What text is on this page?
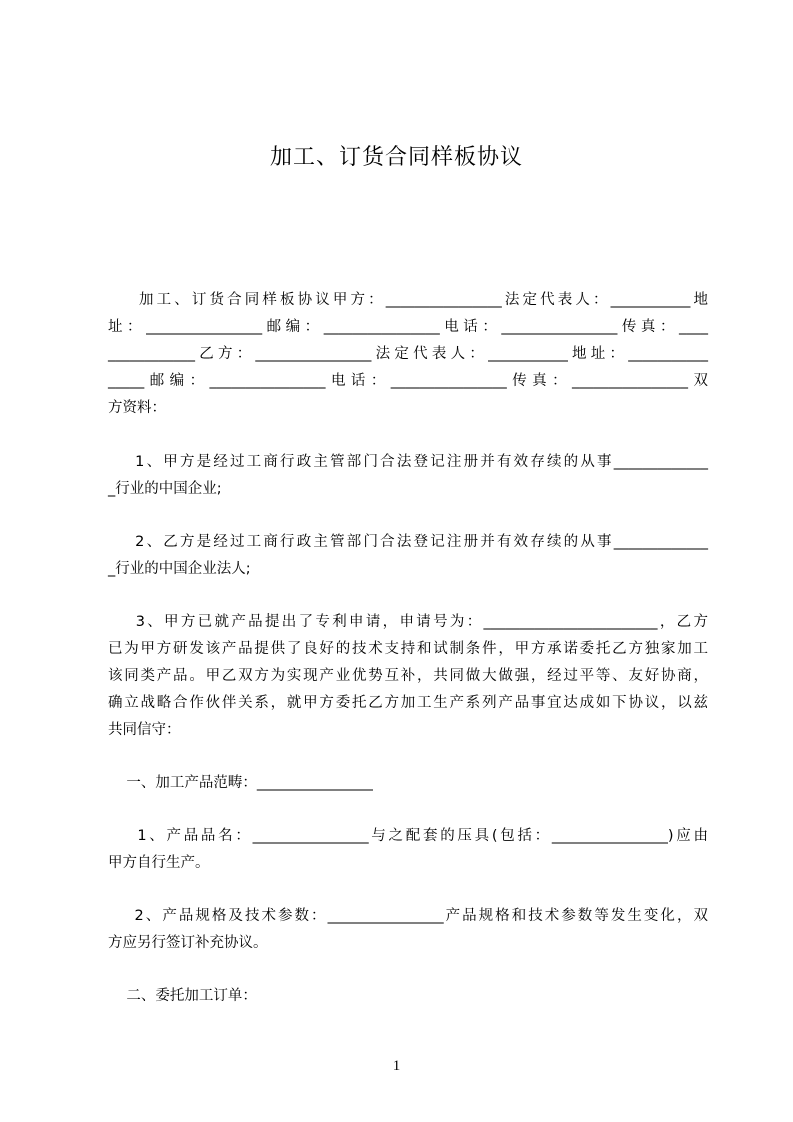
加工、订货合同样板协议
加工、订货合同样板协议甲方：________________法定代表人：___________地
址：________________邮编：________________电话：________________传真：____
____________乙方：________________法定代表人：___________地址：___________
_____邮编：________________电话：________________传真：________________双
方资料：
1、甲方是经过工商行政主管部门合法登记注册并有效存续的从事_____________
_行业的中国企业;
2、乙方是经过工商行政主管部门合法登记注册并有效存续的从事_____________
_行业的中国企业法人;
3、甲方已就产品提出了专利申请，申请号为：________________________，乙方
已为甲方研发该产品提供了良好的技术支持和试制条件，甲方承诺委托乙方独家加工
该同类产品。甲乙双方为实现产业优势互补，共同做大做强，经过平等、友好协商，
确立战略合作伙伴关系，就甲方委托乙方加工生产系列产品事宜达成如下协议，以兹
共同信守：
一、加工产品范畴：________________
1、产品品名：________________与之配套的压具(包括：________________)应由
甲方自行生产。
2、产品规格及技术参数：________________产品规格和技术参数等发生变化，双
方应另行签订补充协议。
二、委托加工订单：
1
